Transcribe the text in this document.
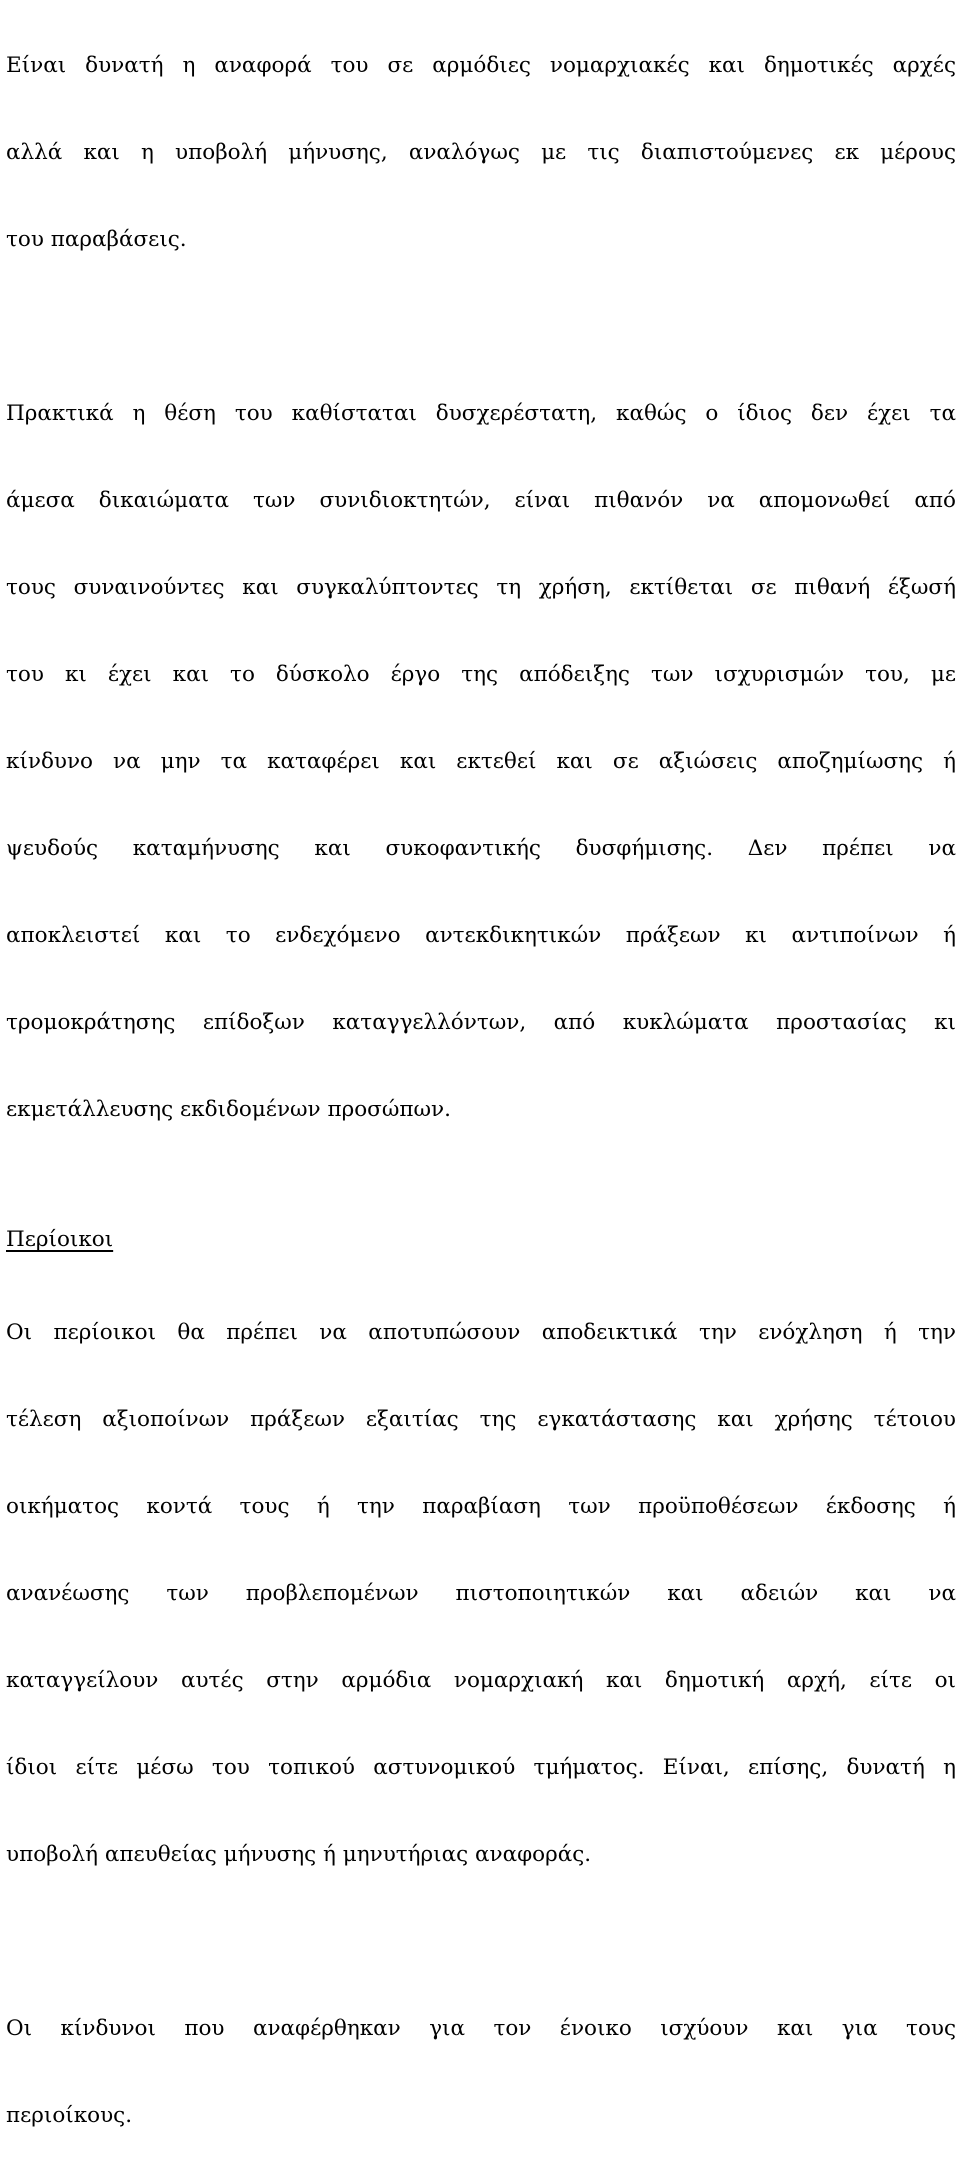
Είναι δυνατή η αναφορά του σε αρμόδιες νομαρχιακές και δημοτικές αρχές

αλλά και η υποβολή μήνυσης, αναλόγως με τις διαπιστούμενες εκ μέρους

του παραβάσεις.

Πρακτικά η θέση του καθίσταται δυσχερέστατη, καθώς ο ίδιος δεν έχει τα

άμεσα δικαιώματα των συνιδιοκτητών, είναι πιθανόν να απομονωθεί από

τους συναινούντες και συγκαλύπτοντες τη χρήση, εκτίθεται σε πιθανή έξωσή

του κι έχει και το δύσκολο έργο της απόδειξης των ισχυρισμών του, με

κίνδυνο να μην τα καταφέρει και εκτεθεί και σε αξιώσεις αποζημίωσης ή

ψευδούς καταμήνυσης και συκοφαντικής δυσφήμισης. Δεν πρέπει να

αποκλειστεί και το ενδεχόμενο αντεκδικητικών πράξεων κι αντιποίνων ή

τρομοκράτησης επίδοξων καταγγελλόντων, από κυκλώματα προστασίας κι

εκμετάλλευσης εκδιδομένων προσώπων.

Περίοικοι

Οι περίοικοι θα πρέπει να αποτυπώσουν αποδεικτικά την ενόχληση ή την

τέλεση αξιοποίνων πράξεων εξαιτίας της εγκατάστασης και χρήσης τέτοιου

οικήματος κοντά τους ή την παραβίαση των προϋποθέσεων έκδοσης ή

ανανέωσης των προβλεπομένων πιστοποιητικών και αδειών και να

καταγγείλουν αυτές στην αρμόδια νομαρχιακή και δημοτική αρχή, είτε οι

ίδιοι είτε μέσω του τοπικού αστυνομικού τμήματος. Είναι, επίσης, δυνατή η

υποβολή απευθείας μήνυσης ή μηνυτήριας αναφοράς.

Οι κίνδυνοι που αναφέρθηκαν για τον ένοικο ισχύουν και για τους

περιοίκους.
